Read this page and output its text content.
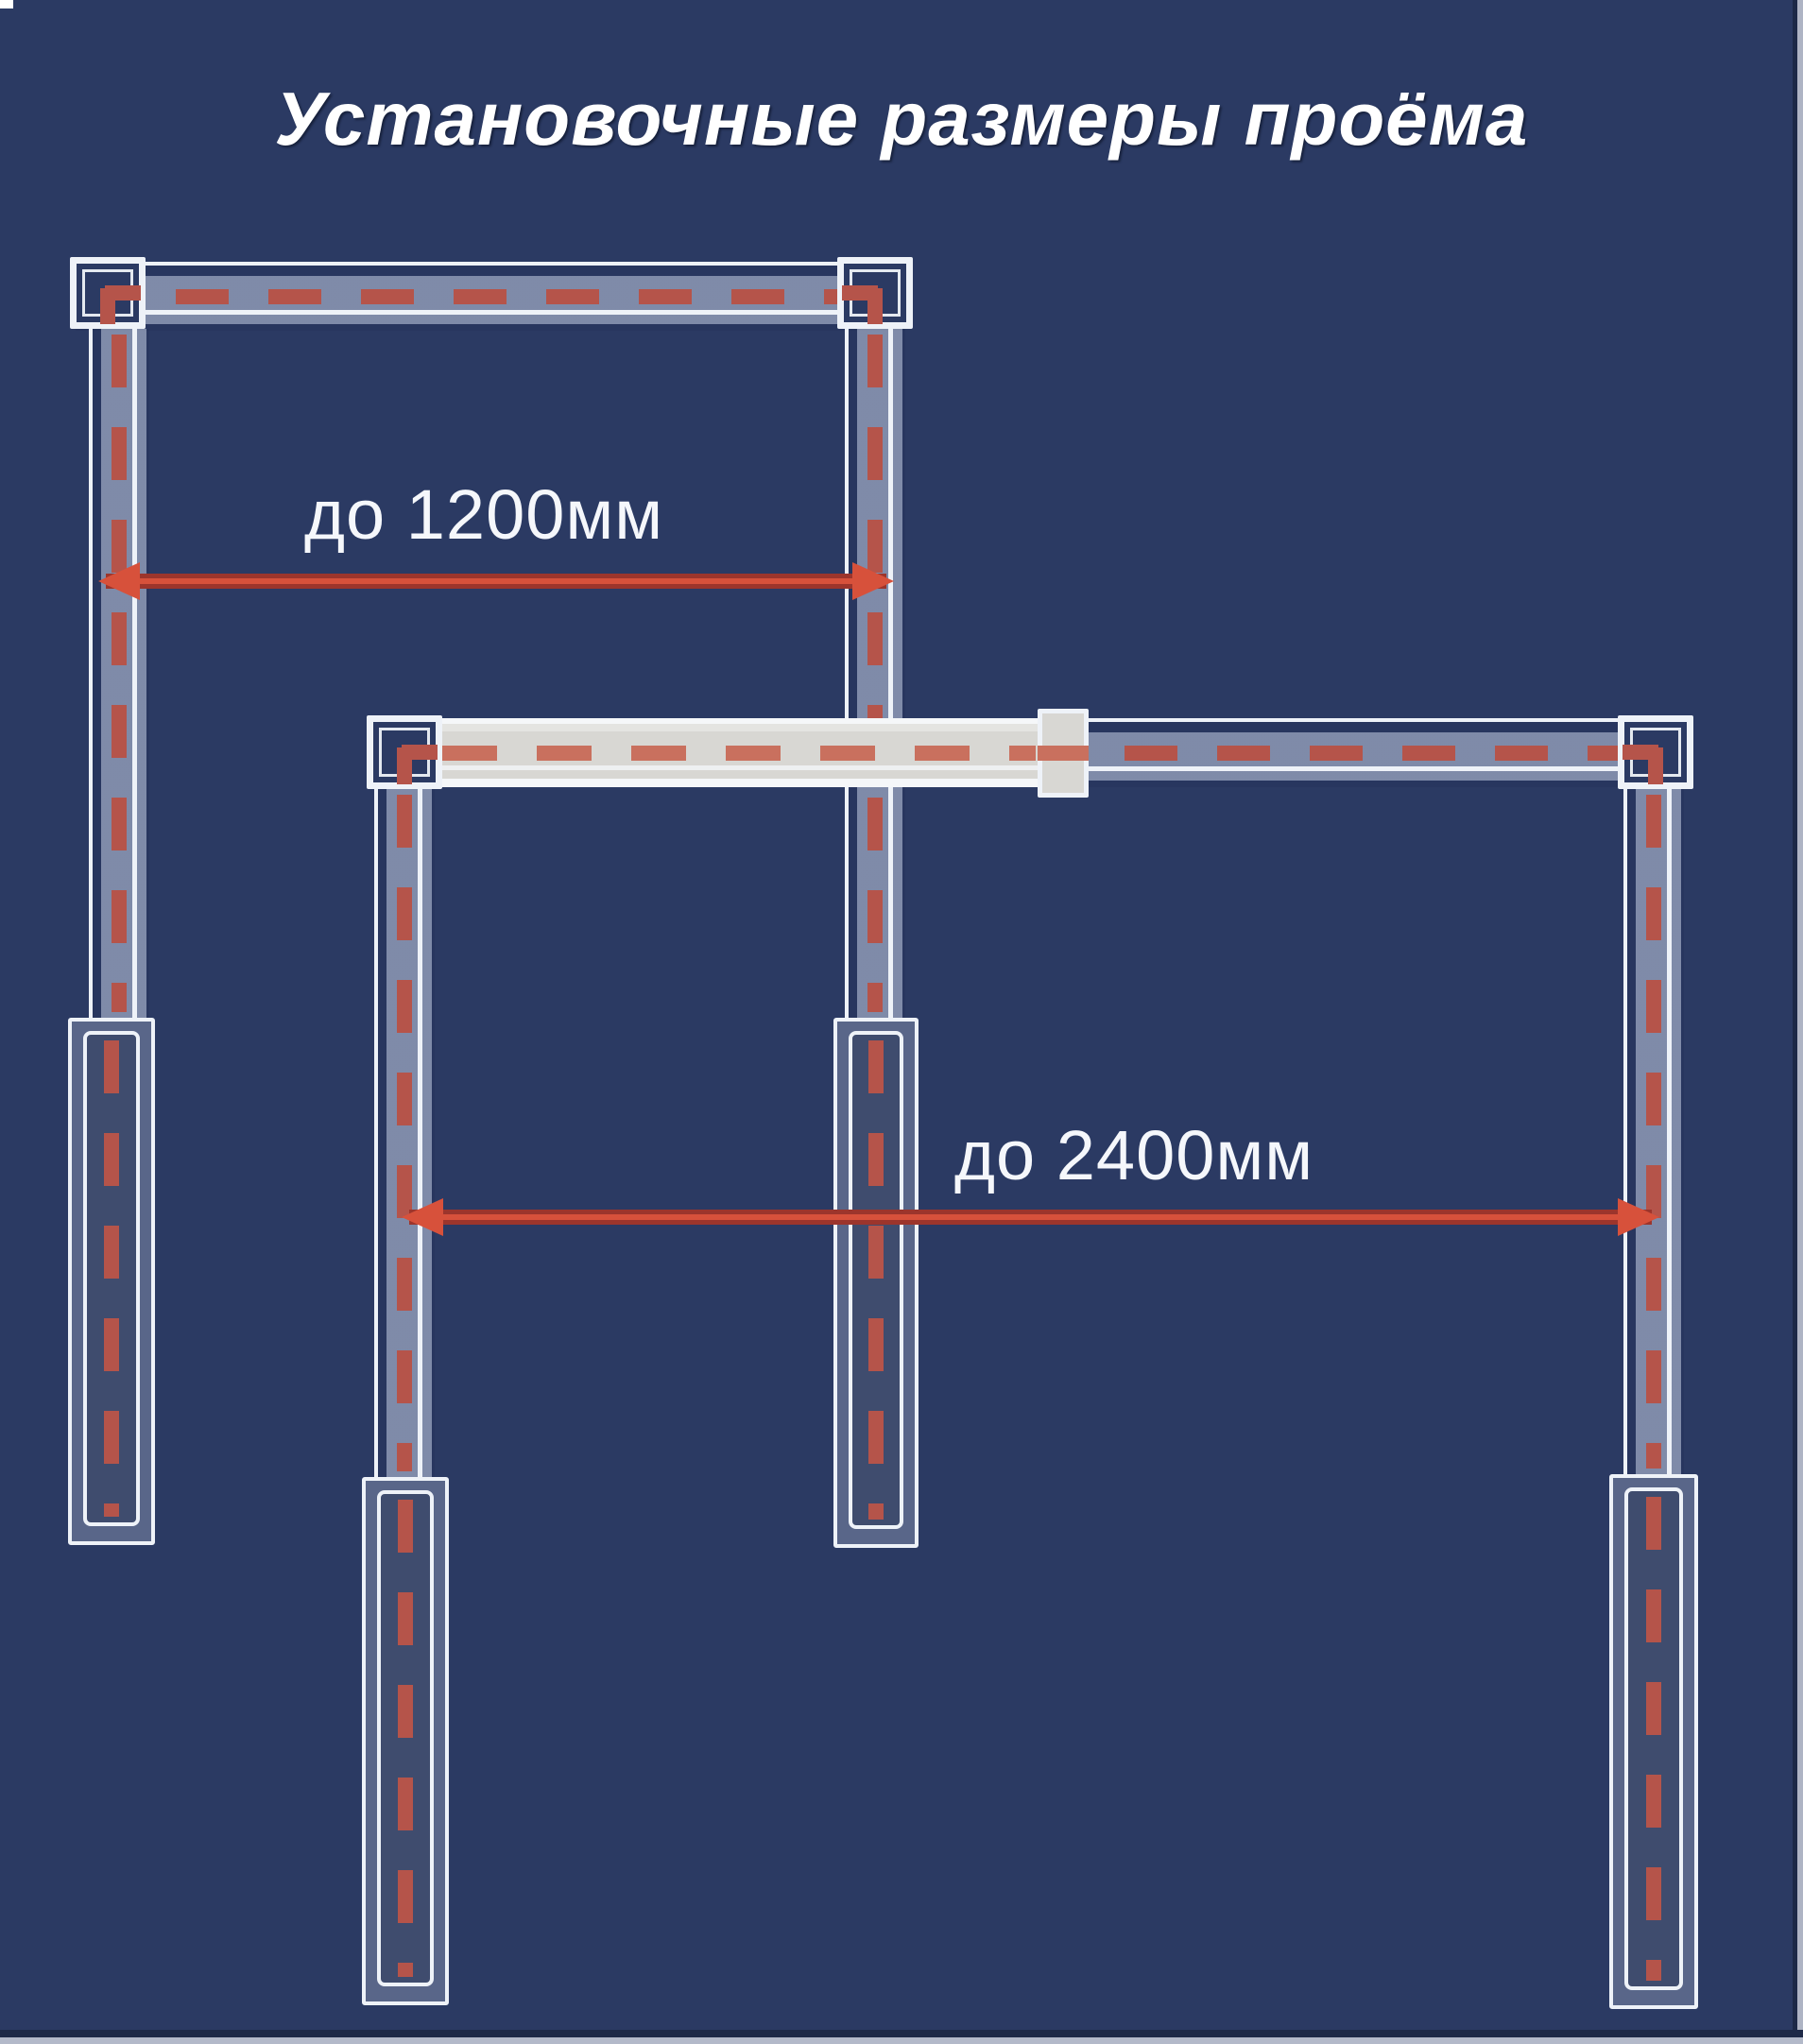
Установочные размеры проёма
до 1200мм
до 2400мм
